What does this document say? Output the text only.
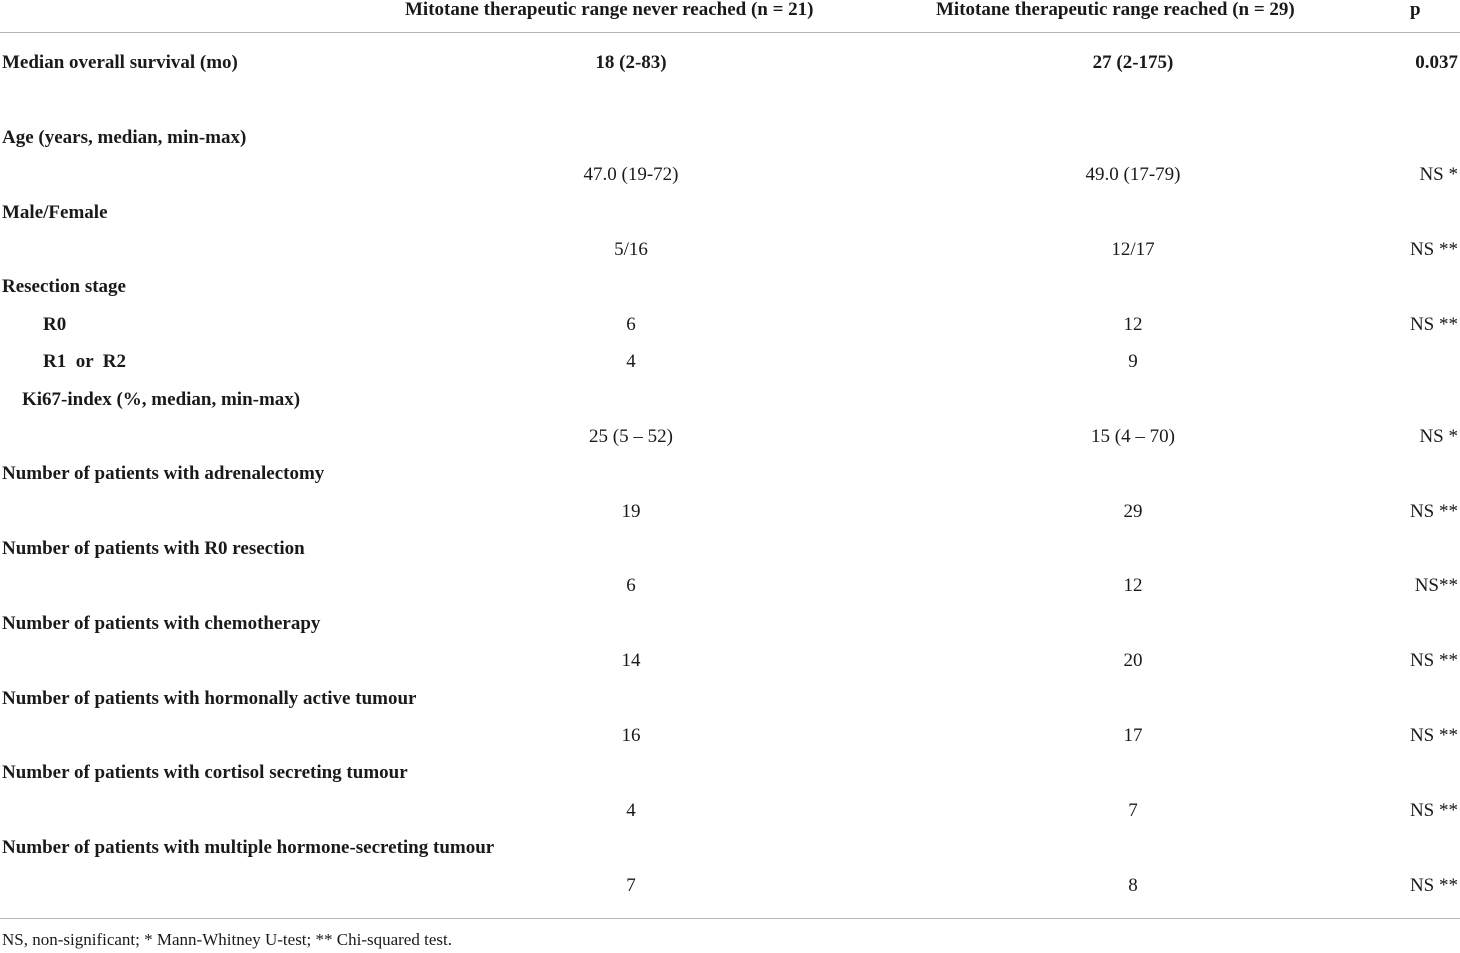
Mitotane therapeutic range never reached (n = 21)	Mitotane therapeutic range reached (n = 29)	p
Median overall survival (mo)	18 (2-83)	27 (2-175)	0.037
Age (years, median, min-max)
47.0 (19-72)	49.0 (17-79)	NS *
Male/Female
5/16	12/17	NS **
Resection stage
R0	6	12	NS **
R1  or  R2	4	9
Ki67-index (%, median, min-max)
25 (5 – 52)	15 (4 – 70)	NS *
Number of patients with adrenalectomy
19	29	NS **
Number of patients with R0 resection
6	12	NS**
Number of patients with chemotherapy
14	20	NS **
Number of patients with hormonally active tumour
16	17	NS **
Number of patients with cortisol secreting tumour
4	7	NS **
Number of patients with multiple hormone-secreting tumour
7	8	NS **
NS, non-significant; * Mann-Whitney U-test; ** Chi-squared test.
